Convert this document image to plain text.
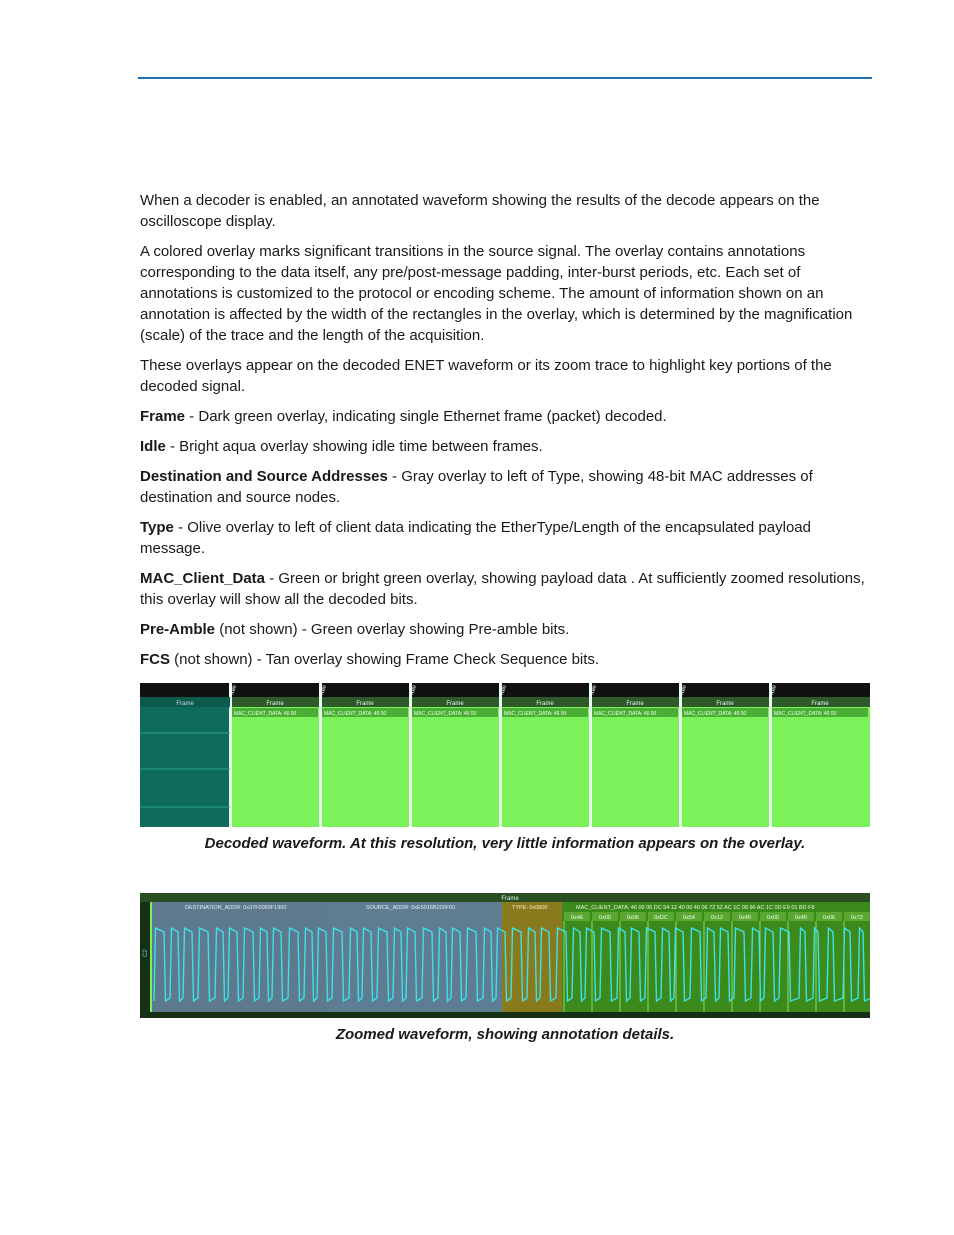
When a decoder is enabled, an annotated waveform showing the results of the decode appears on the oscilloscope display.

A colored overlay marks significant transitions in the source signal. The overlay contains annotations corresponding to the data itself, any pre/post-message padding, inter-burst periods, etc. Each set of annotations is customized to the protocol or encoding scheme. The amount of information shown on an annotation is affected by the width of the rectangles in the overlay, which is determined by the magnification (scale) of the trace and the length of the acquisition.

These overlays appear on the decoded ENET waveform or its zoom trace to highlight key portions of the decoded signal.

Frame - Dark green overlay, indicating single Ethernet frame (packet) decoded.

Idle - Bright aqua overlay showing idle time between frames.

Destination and Source Addresses - Gray overlay to left of Type, showing 48-bit MAC addresses of destination and source nodes.

Type - Olive overlay to left of client data indicating the EtherType/Length of the encapsulated payload message.

MAC_Client_Data - Green or bright green overlay, showing payload data . At sufficiently zoomed resolutions, this overlay will show all the decoded bits.

Pre-Amble (not shown) - Green overlay showing Pre-amble bits.

FCS (not shown) - Tan overlay showing Frame Check Sequence bits.

Frame
MAC_CLIENT_DATA: 46 00
Idle
Frame
MAC_CLIENT_DATA: 46 00
Idle
Frame
MAC_CLIENT_DATA: 46 00
Idle
Frame
MAC_CLIENT_DATA: 46 00
Idle
Frame
MAC_CLIENT_DATA: 46 00
Idle
Frame
MAC_CLIENT_DATA: 46 00
Idle
Frame
MAC_CLIENT_DATA: 46 00
Idle
Frame
Decoded waveform. At this resolution, very little information appears on the overlay.
Frame
DESTINATION_ADDR: 0x37F0060F1900	SOURCE_ADDR: 0xE5916B200F00	TYPE: 0x0800	MAC_CLIENT_DATA: 46 00 06 DC 54 12 40 00 40 06 72 52 AC 1C 08 96 AC 1C 0D E9 01 BD F8
0x46	0x00	0x06	0xDC	0x54	0x12	0x40	0x00	0x40	0x06	0x72
C2
Zoomed waveform, showing annotation details.
